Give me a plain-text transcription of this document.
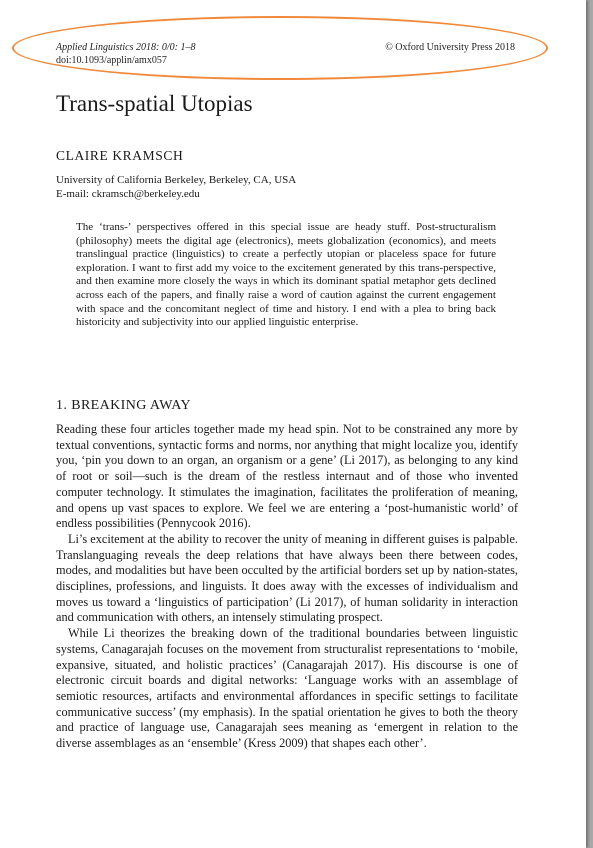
Applied Linguistics 2018: 0/0: 1–8
doi:10.1093/applin/amx057
© Oxford University Press 2018
Trans-spatial Utopias
CLAIRE KRAMSCH
University of California Berkeley, Berkeley, CA, USA
E-mail: ckramsch@berkeley.edu

The ‘trans-’ perspectives offered in this special issue are heady stuff. Post-structuralism (philosophy) meets the digital age (electronics), meets globalization (economics), and meets translingual practice (linguistics) to create a perfectly utopian or placeless space for future exploration. I want to first add my voice to the excitement generated by this trans-perspective, and then examine more closely the ways in which its dominant spatial metaphor gets declined across each of the papers, and finally raise a word of caution against the current engagement with space and the concomitant neglect of time and history. I end with a plea to bring back historicity and subjectivity into our applied linguistic enterprise.

1. BREAKING AWAY

Reading these four articles together made my head spin. Not to be constrained any more by textual conventions, syntactic forms and norms, nor anything that might localize you, identify you, ‘pin you down to an organ, an organism or a gene’ (Li 2017), as belonging to any kind of root or soil—such is the dream of the restless internaut and of those who invented computer technology. It stimulates the imagination, facilitates the proliferation of meaning, and opens up vast spaces to explore. We feel we are entering a ‘post-humanistic world’ of endless possibilities (Pennycook 2016).

Li’s excitement at the ability to recover the unity of meaning in different guises is palpable. Translanguaging reveals the deep relations that have always been there between codes, modes, and modalities but have been occulted by the artificial borders set up by nation-states, disciplines, professions, and linguists. It does away with the excesses of individualism and moves us toward a ‘linguistics of participation’ (Li 2017), of human solidarity in interaction and communication with others, an intensely stimulating prospect.

While Li theorizes the breaking down of the traditional boundaries between linguistic systems, Canagarajah focuses on the movement from structuralist representations to ‘mobile, expansive, situated, and holistic practices’ (Canagarajah 2017). His discourse is one of electronic circuit boards and digital networks: ‘Language works with an assemblage of semiotic resources, artifacts and environmental affordances in specific settings to facilitate communicative success’ (my emphasis). In the spatial orientation he gives to both the theory and practice of language use, Canagarajah sees meaning as ‘emergent in relation to the diverse assemblages as an ‘ensemble’ (Kress 2009) that shapes each other’.
